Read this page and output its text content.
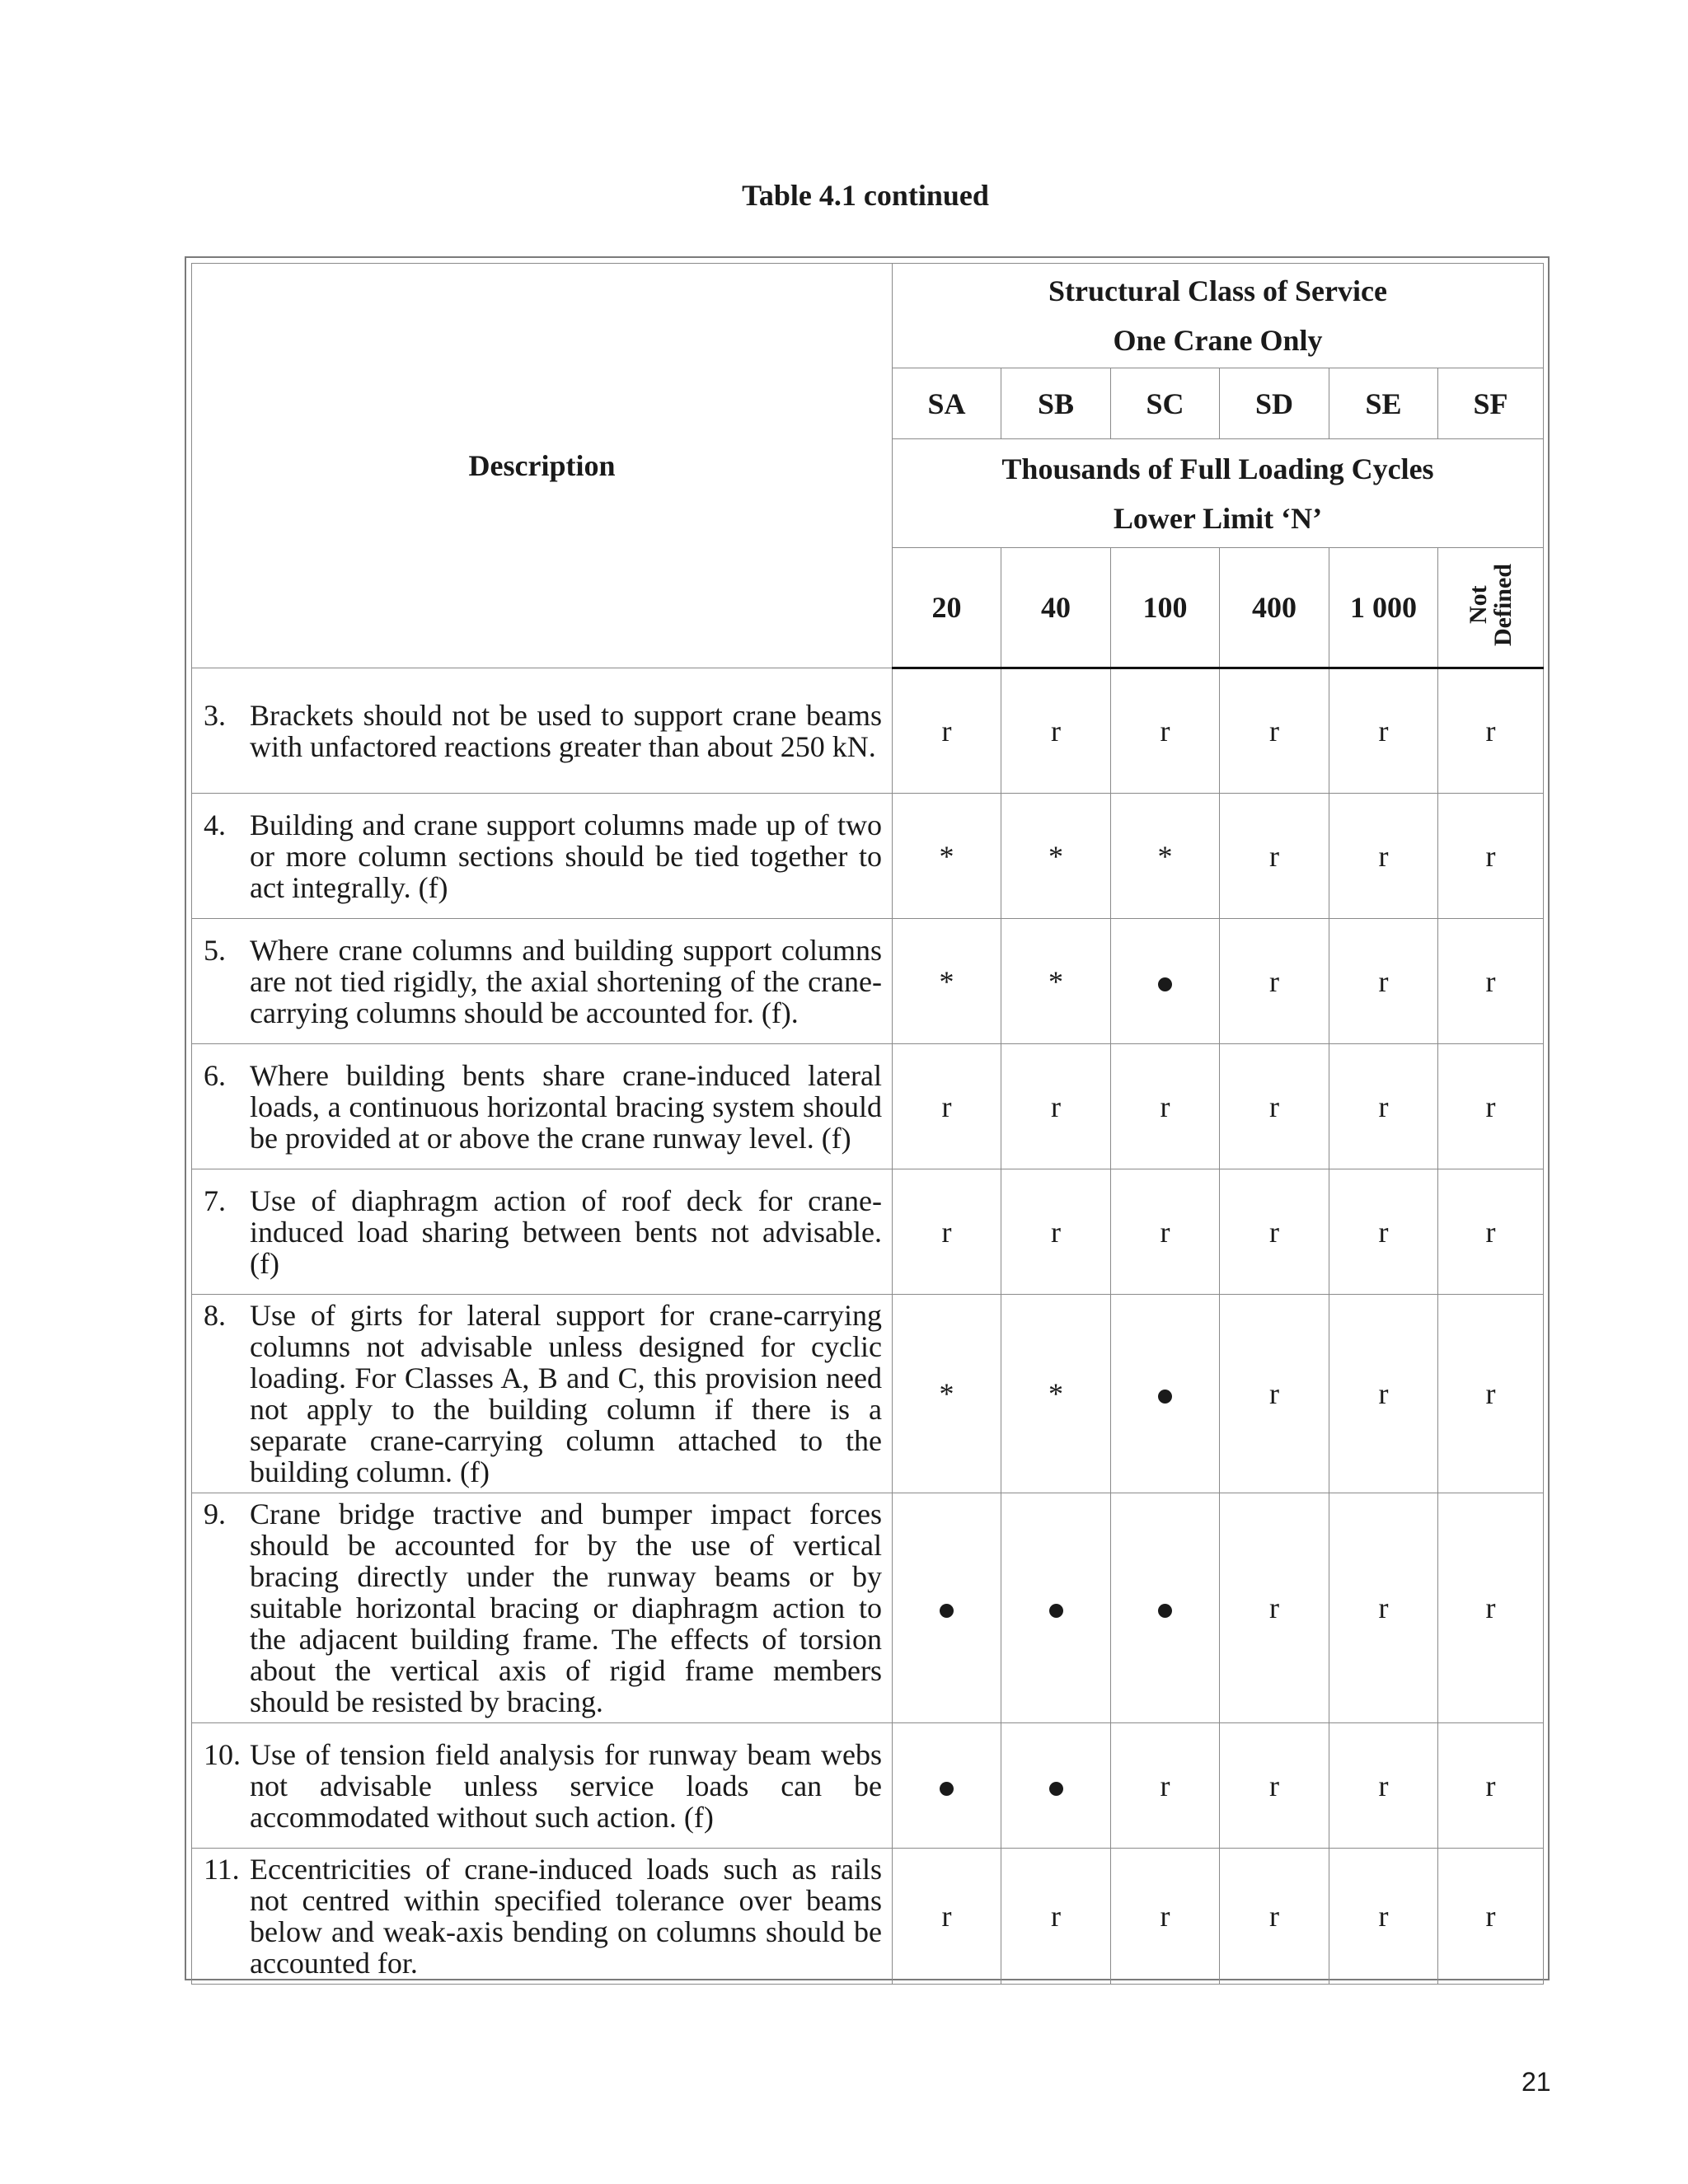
Table 4.1 continued
Description	Structural Class of Service
One Crane Only					

	SA	SB	SC	SD	SE	SF

	Thousands of Full Loading Cycles
Lower Limit ‘N’					

	20	40	100	400	1 000	Not Defined

3. Brackets should not be used to support crane beams with unfactored reactions greater than about 250 kN.	r	r	r	r	r	r

4. Building and crane support columns made up of two or more column sections should be tied together to act integrally. (f)	*	*	*	r	r	r

5. Where crane columns and building support columns are not tied rigidly, the axial shortening of the crane-carrying columns should be accounted for. (f).	*	*		r	r	r

6. Where building bents share crane-induced lateral loads, a continuous horizontal bracing system should be provided at or above the crane runway level. (f)	r	r	r	r	r	r

7. Use of diaphragm action of roof deck for crane-induced load sharing between bents not advisable. (f)	r	r	r	r	r	r

8. Use of girts for lateral support for crane-carrying columns not advisable unless designed for cyclic loading. For Classes A, B and C, this provision need not apply to the building column if there is a separate crane-carrying column attached to the building column. (f)	*	*		r	r	r

9. Crane bridge tractive and bumper impact forces should be accounted for by the use of vertical bracing directly under the runway beams or by suitable horizontal bracing or diaphragm action to the adjacent building frame. The effects of torsion about the vertical axis of rigid frame members should be resisted by bracing.				r	r	r

10. Use of tension field analysis for runway beam webs not advisable unless service loads can be accommodated without such action. (f)			r	r	r	r

11. Eccentricities of crane-induced loads such as rails not centred within specified tolerance over beams below and weak-axis bending on columns should be accounted for.	r	r	r	r	r	r
21
